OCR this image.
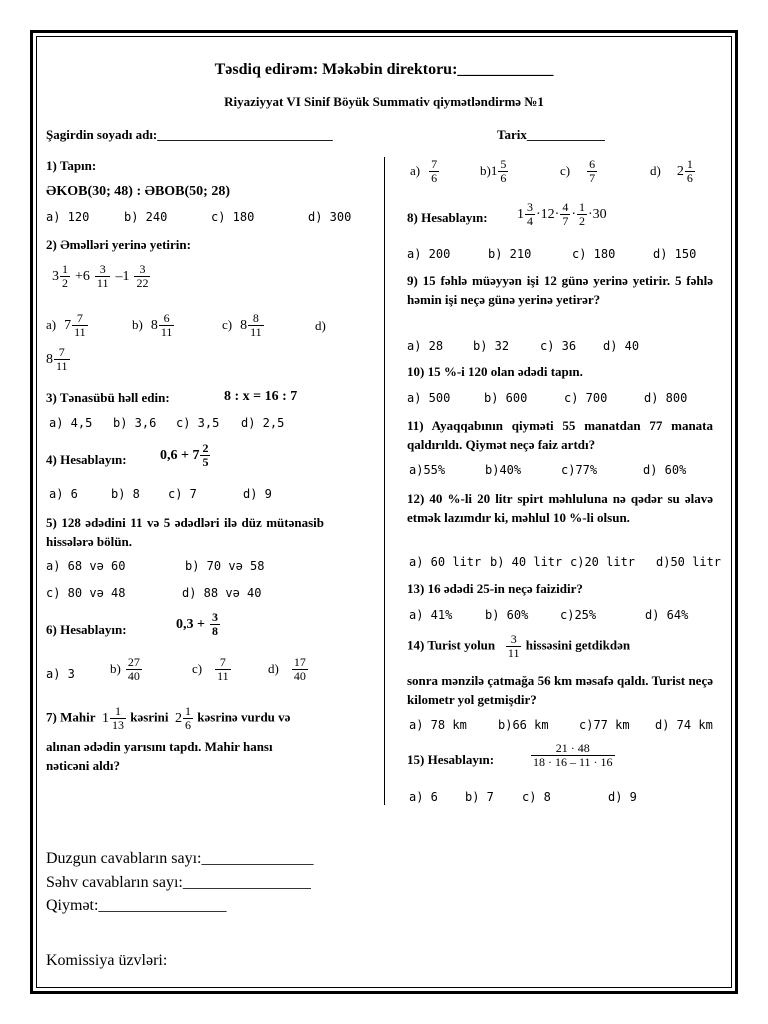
Təsdiq edirəm: Məkəbin direktoru:____________
Riyaziyyat VI Sinif Böyük Summativ qiymətləndirmə №1
Şagirdin soyadı adı:___________________________	Tarix____________
1) Tapın:
ƏKOB(30; 48) : ƏBOB(50; 28)
a) 120	b) 240	c) 180	d) 300
2) Əməlləri yerinə yetirin:
3 1
$2 +6 \frac{3}{11} -1 \frac{3}{22}$
a) 7 7
11	b) 8 6
11	c) 8 8
11	d)
8 7
11
3) Tənasübü həll edin:	8 : x = 16 : 7
a) 4,5 b) 3,6 c) 3,5 d) 2,5
4) Hesablayın: $0,6 + 7 \frac{2}{5}$
a) 6	b) 8 c) 7	d) 9
5) 128 ədədini 11 və 5 ədədləri ilə düz mütənasib hissələrə bölün.
a) 68 və 60	b) 70 və 58
c) 80 və 48	d) 88 və 40
6) Hesablayın:	$0,3 + \frac{3}{8}$
a) 3	$b) \frac{27}{40}$	$c) \frac{7}{11}$	$d) \frac{17}{40}$
7) Mahir 1 1
13
kəsrini 2 1
6
kəsrinə vurdu və
alınan ədədin yarısını tapdı. Mahir hansı
nəticəni aldı?
$a) \frac{7}{6}$	$b)1 \frac{5}{6}$	$c) \frac{6}{7}$	d) 2 1
6
8) Hesablayın: 1 3
$4 \cdot 12\cdot \frac{4}{7} \cdot \frac{1}{2} \cdot 30$
a) 200	b) 210	c) 180	d) 150
9) 15 fəhlə müəyyən işi 12 günə yerinə yetirir. 5 fəhlə həmin işi neçə günə yerinə yetirər?
a) 28 b) 32	c) 36 d) 40
10) 15 %-i 120 olan ədədi tapın.
a) 500	b) 600	c) 700	d) 800
11) Ayaqqabının qiyməti 55 manatdan 77 manata qaldırıldı. Qiymət neçə faiz artdı?
a)55%	b)40%	c)77%	d) 60%
12) 40 %-li 20 litr spirt məhluluna nə qədər su əlavə etmək lazımdır ki, məhlul 10 %-li olsun.
a) 60 litr b) 40 litr c)20 litr d)50 litr
13) 16 ədədi 25-in neçə faizidir?
a) 41%	b) 60%	c)25%	d) 64%
14) Turist yolun $\frac{3}{11}$ hissəsini getdikdən
sonra mənzilə çatmağa 56 km məsafə qaldı. Turist neçə kilometr yol getmişdir?
a) 78 km	b)66 km	c)77 km d) 74 km
15) Hesablayın:	$\frac{21 \cdot 48}{18 \cdot 16 - 11 \cdot 16}$
a) 6 b) 7 c) 8	d) 9
Duzgun cavabların sayı:______________
Səhv cavabların sayı:________________
Qiymət:________________
Komissiya üzvləri:
